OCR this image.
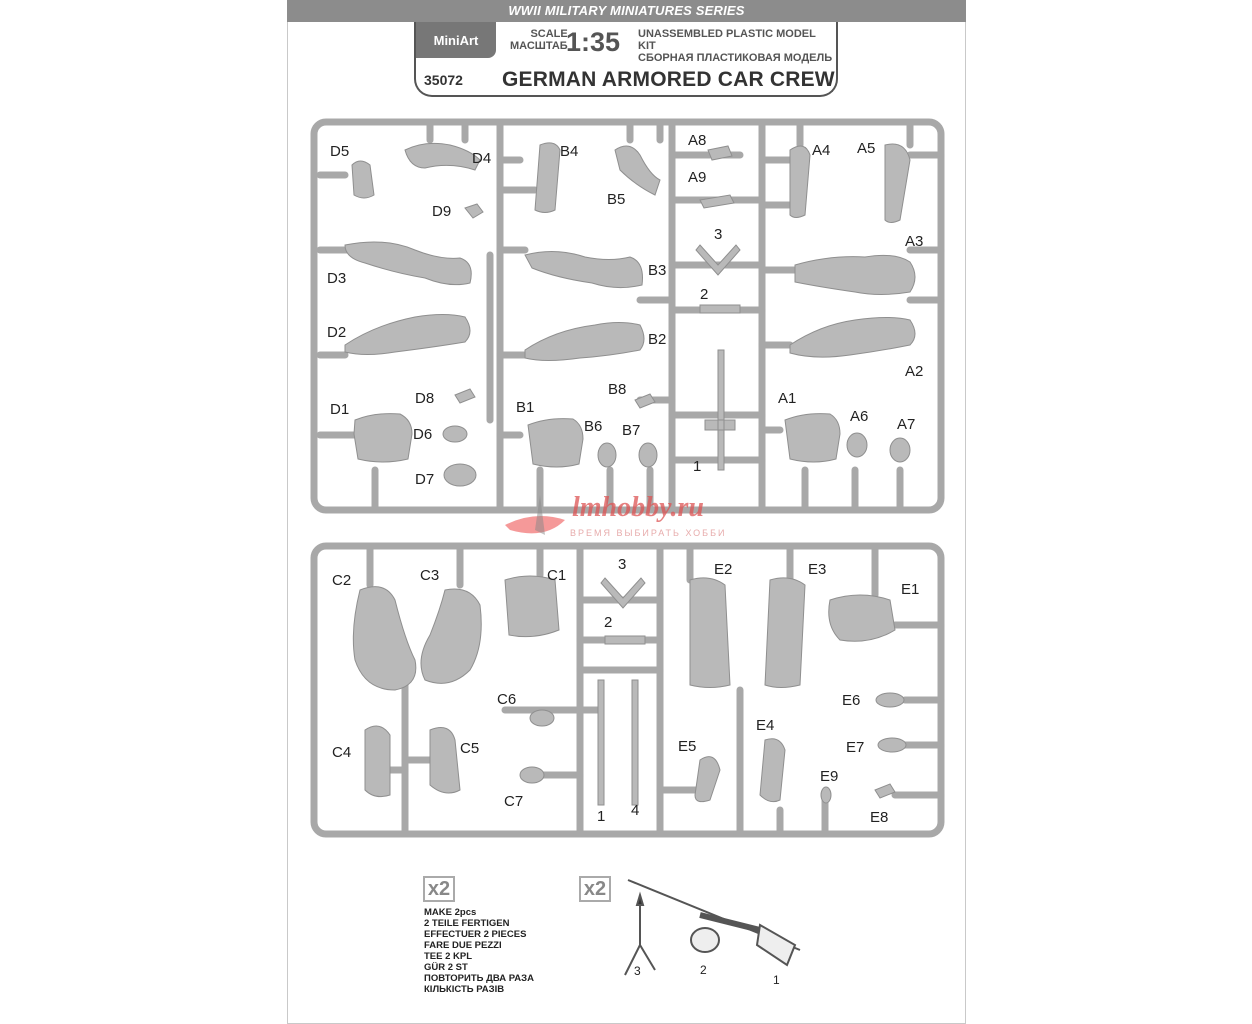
WWII MILITARY MINIATURES SERIES
MiniArt	SCALE
МАСШТАБ
1:35 UNASSEMBLED PLASTIC MODEL KIT
СБОРНАЯ ПЛАСТИКОВАЯ МОДЕЛЬ
35072 GERMAN ARMORED CAR CREW
lmhobby.ru
ВРЕМЯ ВЫБИРАТЬ ХОББИ
D5	D4
D9
D3
D2
D8
D1
D6
D7
B4
B5
B3
B2
B8
B1
B6 B7
A8
A9
A4 A5
A3
A2
A1
A6 A7
3
2
1
C2	C3	C1
C6
C4	C5
C7
3
2
1 4
E2	E3
E1
E6
E5
E4
E7
E9
E8
2
3
1
x2	x2
MAKE 2pcs
2 TEILE FERTIGEN
EFFECTUER 2 PIECES
FARE DUE PEZZI
TEE 2 KPL
GÜR 2 ST
ПОВТОРИТЬ ДВА РАЗА
КІЛЬКІСТЬ РАЗІВ
